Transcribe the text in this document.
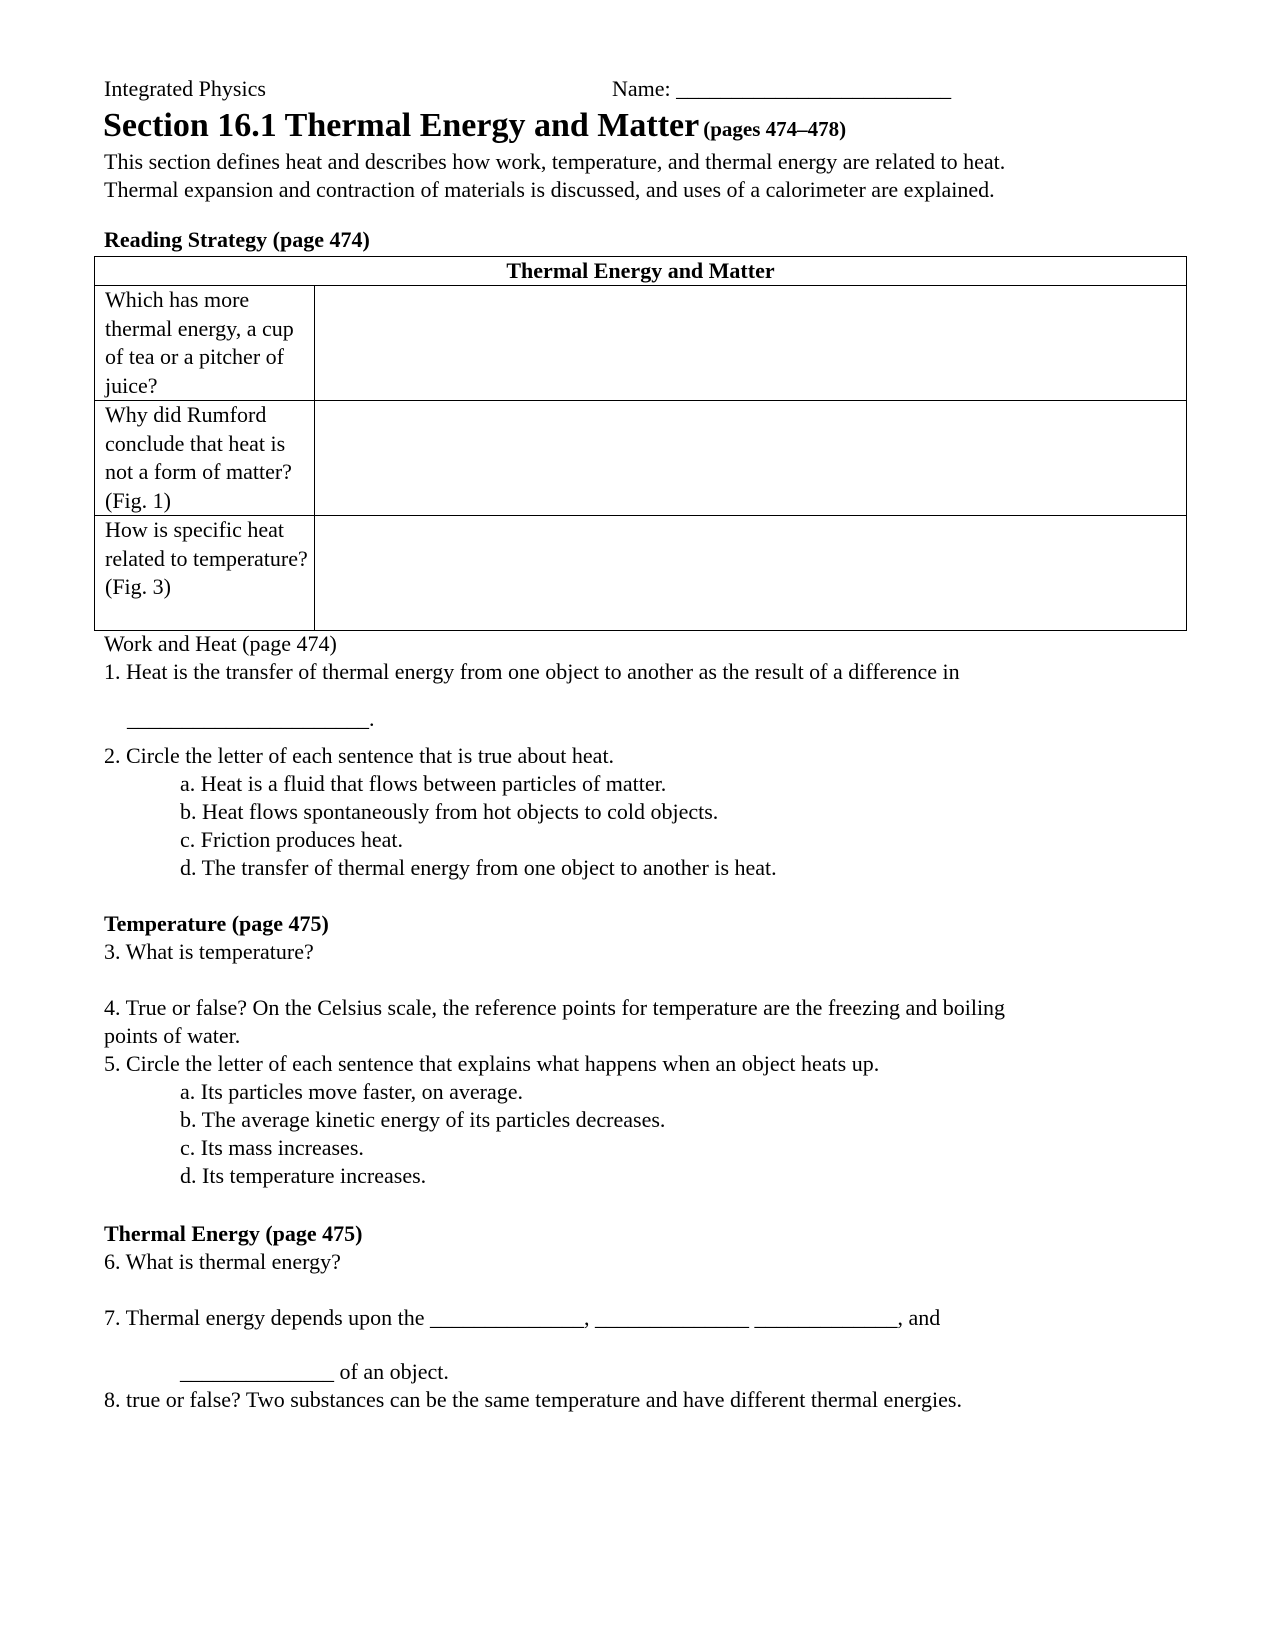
Integrated Physics	Name: _________________________
Section 16.1 Thermal Energy and Matter (pages 474–478)
This section defines heat and describes how work, temperature, and thermal energy are related to heat.
Thermal expansion and contraction of materials is discussed, and uses of a calorimeter are explained.
Reading Strategy (page 474)
Thermal Energy and Matter	
Which has more thermal energy, a cup of tea or a pitcher of juice?	
Why did Rumford conclude that heat is not a form of matter? (Fig. 1)	
How is specific heat related to temperature? (Fig. 3)	
Work and Heat (page 474)
1. Heat is the transfer of thermal energy from one object to another as the result of a difference in
______________________.
2. Circle the letter of each sentence that is true about heat.
a. Heat is a fluid that flows between particles of matter.
b. Heat flows spontaneously from hot objects to cold objects.
c. Friction produces heat.
d. The transfer of thermal energy from one object to another is heat.
Temperature (page 475)
3. What is temperature?
4. True or false? On the Celsius scale, the reference points for temperature are the freezing and boiling
points of water.
5. Circle the letter of each sentence that explains what happens when an object heats up.
a. Its particles move faster, on average.
b. The average kinetic energy of its particles decreases.
c. Its mass increases.
d. Its temperature increases.
Thermal Energy (page 475)
6. What is thermal energy?
7. Thermal energy depends upon the ______________, ______________ _____________, and
______________ of an object.
8. true or false? Two substances can be the same temperature and have different thermal energies.
